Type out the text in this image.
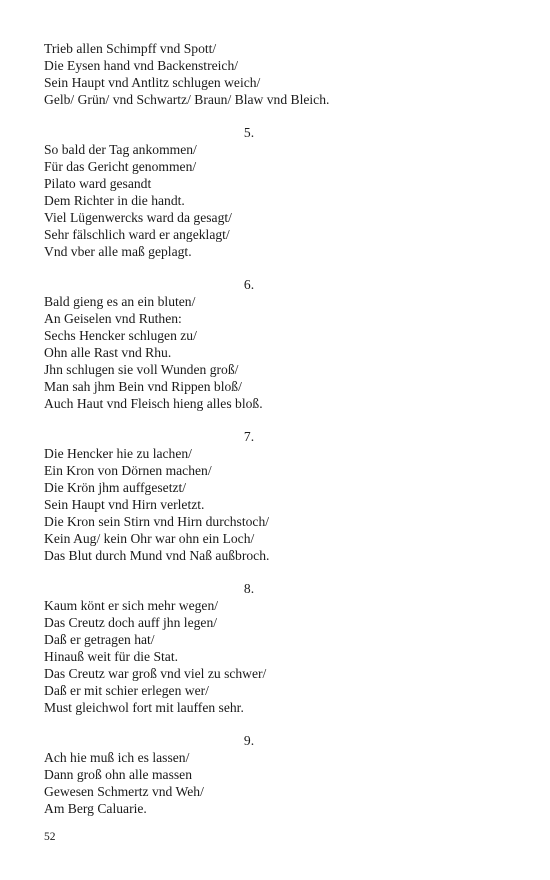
Trieb allen Schimpff vnd Spott/
Die Eysen hand vnd Backenstreich/
Sein Haupt vnd Antlitz schlugen weich/
Gelb/ Grün/ vnd Schwartz/ Braun/ Blaw vnd Bleich.
5.
So bald der Tag ankommen/
Für das Gericht genommen/
Pilato ward gesandt
Dem Richter in die handt.
Viel Lügenwercks ward da gesagt/
Sehr fälschlich ward er angeklagt/
Vnd vber alle maß geplagt.
6.
Bald gieng es an ein bluten/
An Geiselen vnd Ruthen:
Sechs Hencker schlugen zu/
Ohn alle Rast vnd Rhu.
Jhn schlugen sie voll Wunden groß/
Man sah jhm Bein vnd Rippen bloß/
Auch Haut vnd Fleisch hieng alles bloß.
7.
Die Hencker hie zu lachen/
Ein Kron von Dörnen machen/
Die Krön jhm auffgesetzt/
Sein Haupt vnd Hirn verletzt.
Die Kron sein Stirn vnd Hirn durchstoch/
Kein Aug/ kein Ohr war ohn ein Loch/
Das Blut durch Mund vnd Naß außbroch.
8.
Kaum könt er sich mehr wegen/
Das Creutz doch auff jhn legen/
Daß er getragen hat/
Hinauß weit für die Stat.
Das Creutz war groß vnd viel zu schwer/
Daß er mit schier erlegen wer/
Must gleichwol fort mit lauffen sehr.
9.
Ach hie muß ich es lassen/
Dann groß ohn alle massen
Gewesen Schmertz vnd Weh/
Am Berg Caluarie.
52
